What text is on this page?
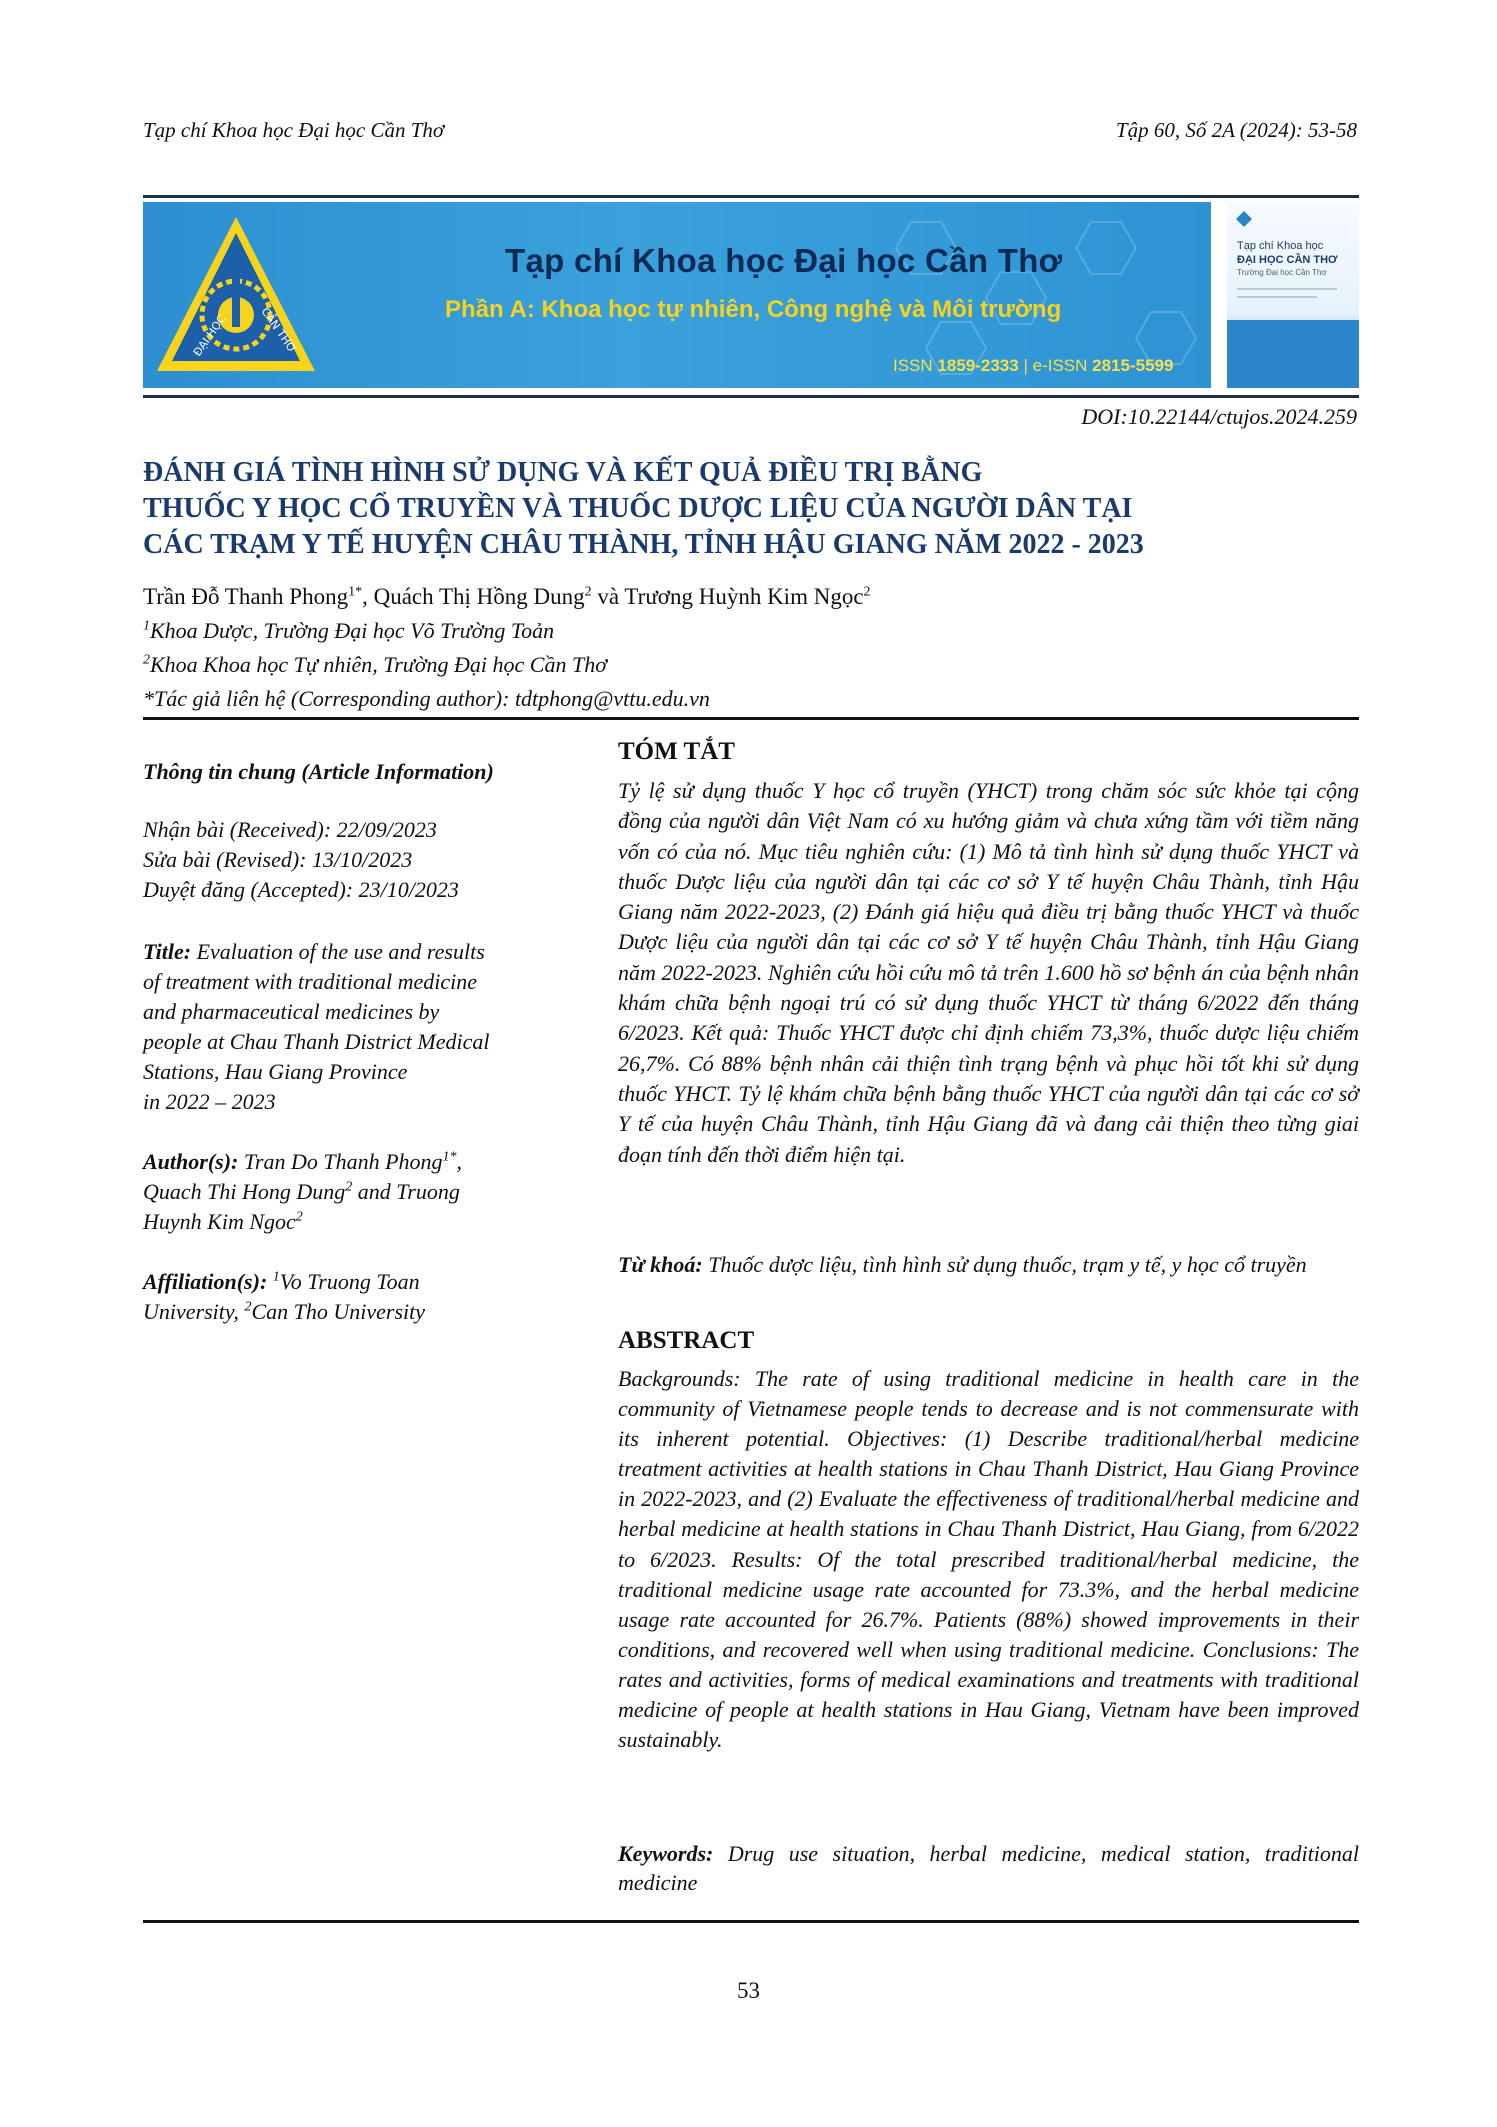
Tạp chí Khoa học Đại học Cần Thơ	Tập 60, Số 2A (2024): 53-58
ĐẠI HỌC	CẦN THƠ
Tạp chí Khoa học Đại học Cần Thơ
Phần A: Khoa học tự nhiên, Công nghệ và Môi trường
ISSN 1859-2333 | e-ISSN 2815-5599
Tạp chí Khoa học
ĐẠI HỌC CẦN THƠ
Trường Đại học Cần Thơ
DOI:10.22144/ctujos.2024.259
ĐÁNH GIÁ TÌNH HÌNH SỬ DỤNG VÀ KẾT QUẢ ĐIỀU TRỊ BẰNG
THUỐC Y HỌC CỔ TRUYỀN VÀ THUỐC DƯỢC LIỆU CỦA NGƯỜI DÂN TẠI
CÁC TRẠM Y TẾ HUYỆN CHÂU THÀNH, TỈNH HẬU GIANG NĂM 2022 - 2023
Trần Đỗ Thanh Phong$^{1*}$, Quách Thị Hồng Dung$^2$ và Trương Huỳnh Kim Ngọc$^2$
$^1$Khoa Dược, Trường Đại học Võ Trường Toản
$^2$Khoa Khoa học Tự nhiên, Trường Đại học Cần Thơ
*Tác giả liên hệ (Corresponding author): tdtphong@vttu.edu.vn
Thông tin chung (Article Information)
Nhận bài (Received): 22/09/2023
Sửa bài (Revised): 13/10/2023
Duyệt đăng (Accepted): 23/10/2023
Title: Evaluation of the use and results
of treatment with traditional medicine
and pharmaceutical medicines by
people at Chau Thanh District Medical
Stations, Hau Giang Province
in 2022 – 2023
Author(s): Tran Do Thanh Phong$^{1*}$,
Quach Thi Hong Dung$^2$ and Truong
Huynh Kim Ngoc$^2$
Affiliation(s): $^1$Vo Truong Toan
University, $^2$Can Tho University
TÓM TẮT
Tỷ lệ sử dụng thuốc Y học cổ truyền (YHCT) trong chăm sóc sức khỏe tại cộng đồng của người dân Việt Nam có xu hướng giảm và chưa xứng tầm với tiềm năng vốn có của nó. Mục tiêu nghiên cứu: (1) Mô tả tình hình sử dụng thuốc YHCT và thuốc Dược liệu của người dân tại các cơ sở Y tế huyện Châu Thành, tỉnh Hậu Giang năm 2022-2023, (2) Đánh giá hiệu quả điều trị bằng thuốc YHCT và thuốc Dược liệu của người dân tại các cơ sở Y tế huyện Châu Thành, tỉnh Hậu Giang năm 2022-2023. Nghiên cứu hồi cứu mô tả trên 1.600 hồ sơ bệnh án của bệnh nhân khám chữa bệnh ngoại trú có sử dụng thuốc YHCT từ tháng 6/2022 đến tháng 6/2023. Kết quả: Thuốc YHCT được chỉ định chiếm 73,3%, thuốc dược liệu chiếm 26,7%. Có 88% bệnh nhân cải thiện tình trạng bệnh và phục hồi tốt khi sử dụng thuốc YHCT. Tỷ lệ khám chữa bệnh bằng thuốc YHCT của người dân tại các cơ sở Y tế của huyện Châu Thành, tỉnh Hậu Giang đã và đang cải thiện theo từng giai đoạn tính đến thời điểm hiện tại.
Từ khoá: Thuốc dược liệu, tình hình sử dụng thuốc, trạm y tế, y học cổ truyền
ABSTRACT
Backgrounds: The rate of using traditional medicine in health care in the community of Vietnamese people tends to decrease and is not commensurate with its inherent potential. Objectives: (1) Describe traditional/herbal medicine treatment activities at health stations in Chau Thanh District, Hau Giang Province in 2022-2023, and (2) Evaluate the effectiveness of traditional/herbal medicine and herbal medicine at health stations in Chau Thanh District, Hau Giang, from 6/2022 to 6/2023. Results: Of the total prescribed traditional/herbal medicine, the traditional medicine usage rate accounted for 73.3%, and the herbal medicine usage rate accounted for 26.7%. Patients (88%) showed improvements in their conditions, and recovered well when using traditional medicine. Conclusions: The rates and activities, forms of medical examinations and treatments with traditional medicine of people at health stations in Hau Giang, Vietnam have been improved sustainably.
Keywords: Drug use situation, herbal medicine, medical station, traditional medicine
53
